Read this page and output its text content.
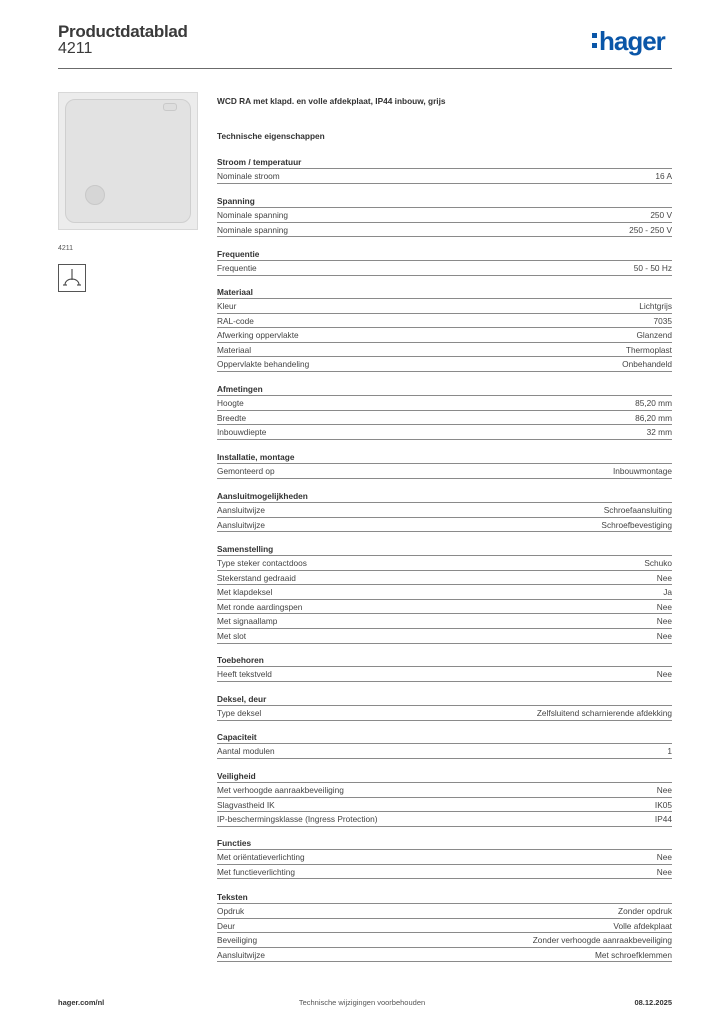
Productdatablad
4211	hager
4211
WCD RA met klapd. en volle afdekplaat, IP44 inbouw, grijs
Technische eigenschappen
Stroom / temperatuur
Nominale stroom	16 A
Spanning
Nominale spanning	250 V
Nominale spanning	250 - 250 V
Frequentie
Frequentie	50 - 50 Hz
Materiaal
Kleur	Lichtgrijs
RAL-code	7035
Afwerking oppervlakte	Glanzend
Materiaal	Thermoplast
Oppervlakte behandeling	Onbehandeld
Afmetingen
Hoogte	85,20 mm
Breedte	86,20 mm
Inbouwdiepte	32 mm
Installatie, montage
Gemonteerd op	Inbouwmontage
Aansluitmogelijkheden
Aansluitwijze	Schroefaansluiting
Aansluitwijze	Schroefbevestiging
Samenstelling
Type steker contactdoos	Schuko
Stekerstand gedraaid	Nee
Met klapdeksel	Ja
Met ronde aardingspen	Nee
Met signaallamp	Nee
Met slot	Nee
Toebehoren
Heeft tekstveld	Nee
Deksel, deur
Type deksel	Zelfsluitend scharnierende afdekking
Capaciteit
Aantal modulen	1
Veiligheid
Met verhoogde aanraakbeveiliging	Nee
Slagvastheid IK	IK05
IP-beschermingsklasse (Ingress Protection)	IP44
Functies
Met oriëntatieverlichting	Nee
Met functieverlichting	Nee
Teksten
Opdruk	Zonder opdruk
Deur	Volle afdekplaat
Beveiliging	Zonder verhoogde aanraakbeveiliging
Aansluitwijze	Met schroefklemmen
hager.com/nl	Technische wijzigingen voorbehouden	08.12.2025
